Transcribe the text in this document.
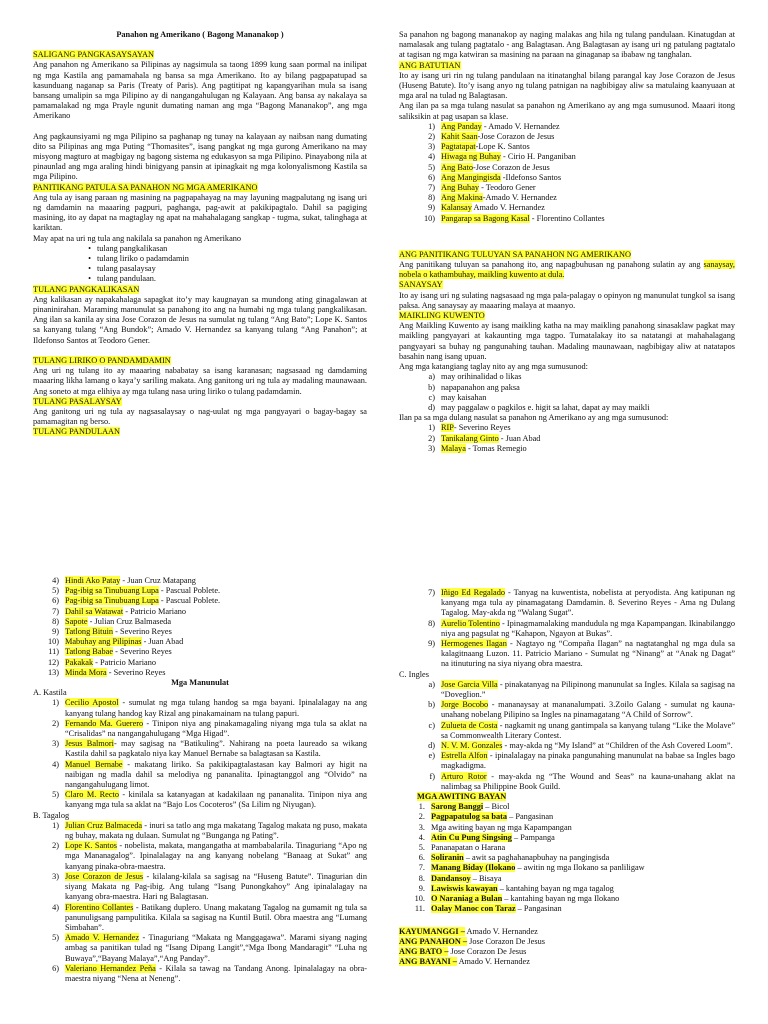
Panahon ng Amerikano ( Bagong Mananakop )

SALIGANG PANGKASAYSAYAN

Ang panahon ng Amerikano sa Pilipinas ay nagsimula sa taong 1899 kung saan pormal na inilipat ng mga Kastila ang pamamahala ng bansa sa mga Amerikano. Ito ay bilang pagpapatupad sa kasunduang naganap sa Paris (Treaty of Paris). Ang pagtitipat ng kapangyarihan mula sa isang bansang umalipin sa mga Pilipino ay di nangangahulugan ng Kalayaan. Ang bansa ay nakalaya sa pamamalakad ng mga Prayle ngunit dumating naman ang mga “Bagong Mananakop”, ang mga Amerikano

Ang pagkaunsiyami ng mga Pilipino sa paghanap ng tunay na kalayaan ay naibsan nang dumating dito sa Pilipinas ang mga Puting “Thomasites”, isang pangkat ng mga gurong Amerikano na may misyong magturo at magbigay ng bagong sistema ng edukasyon sa mga Pilipino. Pinayabong nila at pinaunlad ang mga araling hindi binigyang pansin at ipinagkait ng mga kolonyalismong Kastila sa mga Pilipino.

PANITIKANG PATULA SA PANAHON NG MGA AMERIKANO

Ang tula ay isang paraan ng masining na pagpapahayag na may layuning magpalutang ng isang uri ng damdamin na maaaring pagpuri, paghanga, pag-awit at pakikipagtalo. Dahil sa pagiging masining, ito ay dapat na magtaglay ng apat na mahahalagang sangkap - tugma, sukat, talinghaga at kariktan.

May apat na uri ng tula ang nakilala sa panahon ng Amerikano

• tulang pangkalikasan
• tulang liriko o padamdamin
• tulang pasalaysay
• tulang pandulaan.

TULANG PANGKALIKASAN

Ang kalikasan ay napakahalaga sapagkat ito’y may kaugnayan sa mundong ating ginagalawan at pinaninirahan. Maraming manunulat sa panahong ito ang na humabi ng mga tulang pangkalikasan. Ang ilan sa kanila ay sina Jose Corazon de Jesus na sumulat ng tulang “Ang Bato”; Lope K. Santos sa kanyang tulang “Ang Bundok”; Amado V. Hernandez sa kanyang tulang “Ang Panahon”; at Ildefonso Santos at Teodoro Gener.

TULANG LIRIKO O PANDAMDAMIN

Ang uri ng tulang ito ay maaaring nababatay sa isang karanasan; nagsasaad ng damdaming maaaring likha lamang o kaya’y sariling makata. Ang ganitong uri ng tula ay madaling maunawaan. Ang soneto at mga elihiya ay mga tulang nasa uring liriko o tulang padamdamin.

TULANG PASALAYSAY

Ang ganitong uri ng tula ay nagsasalaysay o nag-uulat ng mga pangyayari o bagay-bagay sa pamamagitan ng berso.

TULANG PANDULAAN

Sa panahon ng bagong mananakop ay naging malakas ang hila ng tulang pandulaan. Kinatugdan at namalasak ang tulang pagtatalo - ang Balagtasan. Ang Balagtasan ay isang uri ng patulang pagtatalo at tagisan ng mga katwiran sa masining na paraan na ginaganap sa ibabaw ng tanghalan.

ANG BATUTIAN

Ito ay isang uri rin ng tulang pandulaan na itinatanghal bilang parangal kay Jose Corazon de Jesus (Huseng Batute). Ito’y isang anyo ng tulang patnigan na nagbibigay aliw sa matulaing kaanyuaan at mga aral na tulad ng Balagtasan.

Ang ilan pa sa mga tulang nasulat sa panahon ng Amerikano ay ang mga sumusunod. Maaari itong saliksikin at pag usapan sa klase.

1) Ang Panday - Amado V. Hernandez
2) Kahit Saan-Jose Corazon de Jesus
3) Pagtatapat-Lope K. Santos
4) Hiwaga ng Buhay - Cirio H. Panganiban
5) Ang Bato-Jose Corazon de Jesus
6) Ang Mangingisda -Ildefonso Santos
7) Ang Buhay - Teodoro Gener
8) Ang Makina-Amado V. Hernandez
9) Kalansay Amado V. Hernandez
10) Pangarap sa Bagong Kasal - Florentino Collantes

ANG PANITIKANG TULUYAN SA PANAHON NG AMERIKANO

Ang panitikang tuluyan sa panahong ito, ang napagbuhusan ng panahong sulatin ay ang sanaysay, nobela o kathambuhay, maikling kuwento at dula.

SANAYSAY

Ito ay isang uri ng sulating nagsasaad ng mga pala-palagay o opinyon ng manunulat tungkol sa isang paksa. Ang sanaysay ay maaaring malaya at maanyo.

MAIKLING KUWENTO

Ang Maikling Kuwento ay isang maikling katha na may maikling panahong sinasaklaw pagkat may maikling pangyayari at kakaunting mga tagpo. Tumatalakay ito sa natatangi at mahahalagang pangyayari sa buhay ng pangunahing tauhan. Madaling maunawaan, nagbibigay aliw at natatapos basahin nang isang upuan.

Ang mga katangiang taglay nito ay ang mga sumusunod:

a) may orihinalidad o likas
b) napapanahon ang paksa
c) may kaisahan
d) may paggalaw o pagkilos e. higit sa lahat, dapat ay may maikli

Ilan pa sa mga dulang nasulat sa panahon ng Amerikano ay ang mga sumusunod:

1) RIP- Severino Reyes
2) Tanikalang Ginto - Juan Abad
3) Malaya - Tomas Remegio
4) Hindi Ako Patay - Juan Cruz Matapang
5) Pag-ibig sa Tinubuang Lupa - Pascual Poblete.
6) Pag-ibig sa Tinubuang Lupa - Pascual Poblete.
7) Dahil sa Watawat - Patricio Mariano
8) Sapote - Julian Cruz Balmaseda
9) Tatlong Bituin - Severino Reyes
10) Mabuhay ang Pilipinas - Juan Abad
11) Tatlong Babae - Severino Reyes
12) Pakakak - Patricio Mariano
13) Minda Mora - Severino Reyes

Mga Manunulat

A. Kastila

1) Cecilio Apostol - sumulat ng mga tulang handog sa mga bayani. Ipinalalagay na ang kanyang tulang handog kay Rizal ang pinakamainam na tulang papuri.
2) Fernando Ma. Guerero - Tinipon niya ang pinakamagaling niyang mga tula sa aklat na “Crisalidas” na nangangahulugang “Mga Higad”.
3) Jesus Balmori- may sagisag na “Batikuling”. Nahirang na poeta laureado sa wikang Kastila dahil sa pagkatalo niya kay Manuel Bernabe sa balagtasan sa Kastila.
4) Manuel Bernabe - makatang liriko. Sa pakikipagtalastasan kay Balmori ay higit na naibigan ng madla dahil sa melodiya ng pananalita. Ipinagtanggol ang “Olvido” na nangangahulugang limot.
5) Claro M. Recto - kinilala sa katanyagan at kadakilaan ng pananalita. Tinipon niya ang kanyang mga tula sa aklat na “Bajo Los Cocoteros” (Sa Lilim ng Niyugan).

B. Tagalog

1) Julian Cruz Balmaceda - inuri sa tatlo ang mga makatang Tagalog makata ng puso, makata ng buhay, makata ng dulaan. Sumulat ng “Bunganga ng Pating”.
2) Lope K. Santos - nobelista, makata, mangangatha at mambabalarila. Tinaguriang “Apo ng mga Mananagalog”. Ipinalalagay na ang kanyang nobelang “Banaag at Sukat” ang kanyang pinaka-obra-maestra.
3) Jose Corazon de Jesus - kilalang-kilala sa sagisag na “Huseng Batute”. Tinagurian din siyang Makata ng Pag-ibig. Ang tulang “Isang Punongkahoy” Ang ipinalalagay na kanyang obra-maestra. Hari ng Balagtasan.
4) Florentino Collantes - Batikang duplero. Unang makatang Tagalog na gumamit ng tula sa panunuligsang pampulitika. Kilala sa sagisag na Kuntil Butil. Obra maestra ang “Lumang Simbahan”.
5) Amado V. Hernandez - Tinaguriang “Makata ng Manggagawa”. Marami siyang naging ambag sa panitikan tulad ng “Isang Dipang Langit”,“Mga Ibong Mandaragit” “Luha ng Buwaya”,“Bayang Malaya”,“Ang Panday”.
6) Valeriano Hernandez Peña - Kilala sa tawag na Tandang Anong. Ipinalalagay na obra-maestra niyang “Nena at Neneng”.
7) Iñigo Ed Regalado - Tanyag na kuwentista, nobelista at peryodista. Ang katipunan ng kanyang mga tula ay pinamagatang Damdamin. 8. Severino Reyes - Ama ng Dulang Tagalog. May-akda ng “Walang Sugat”.
8) Aurelio Tolentino - Ipinagmamalaking mandudula ng mga Kapampangan. Ikinabilanggo niya ang pagsulat ng “Kahapon, Ngayon at Bukas”.
9) Hermogenes Ilagan - Nagtayo ng “Compaña Ilagan” na nagtatanghal ng mga dula sa kalagitnaang Luzon. 11. Patricio Mariano - Sumulat ng “Ninang” at “Anak ng Dagat” na itinuturing na siya niyang obra maestra.

C. Ingles

a) Jose Garcia Villa - pinakatanyag na Pilipinong manunulat sa Ingles. Kilala sa sagisag na “Doveglion.”
b) Jorge Bocobo - mananaysay at mananalumpati. 3.Zoilo Galang - sumulat ng kauna-unahang nobelang Pilipino sa Ingles na pinamagatang “A Child of Sorrow”.
c) Zulueta de Costa - nagkamit ng unang gantimpala sa kanyang tulang “Like the Molave” sa Commonwealth Literary Contest.
d) N. V. M. Gonzales - may-akda ng “My Island” at “Children of the Ash Covered Loom”.
e) Estrella Alfon - ipinalalagay na pinaka pangunahing manunulat na babae sa Ingles bago magkadigma.
f) Arturo Rotor - may-akda ng “The Wound and Seas” na kauna-unahang aklat na nalimbag sa Philippine Book Guild.

MGA AWITING BAYAN

1. Sarong Banggi – Bicol
2. Pagpapatulog sa bata – Pangasinan
3. Mga awiting bayan ng mga Kapampangan
4. Atin Cu Pung Singsing – Pampanga
5. Pananapatan o Harana
6. Soliranin – awit sa paghahanapbuhay na pangingisda
7. Manang Biday (Ilokano – awitin ng mga Ilokano sa panliligaw
8. Dandansoy – Bisaya
9. Lawiswis kawayan – kantahing bayan ng mga tagalog
10. O Naraniag a Bulan – kantahing bayan ng mga Ilokano
11. Oalay Manoc con Taraz – Pangasinan

KAYUMANGGI – Amado V. Hernandez

ANG PANAHON – Jose Corazon De Jesus

ANG BATO – Jose Corazon De Jesus

ANG BAYANI – Amado V. Hernandez
